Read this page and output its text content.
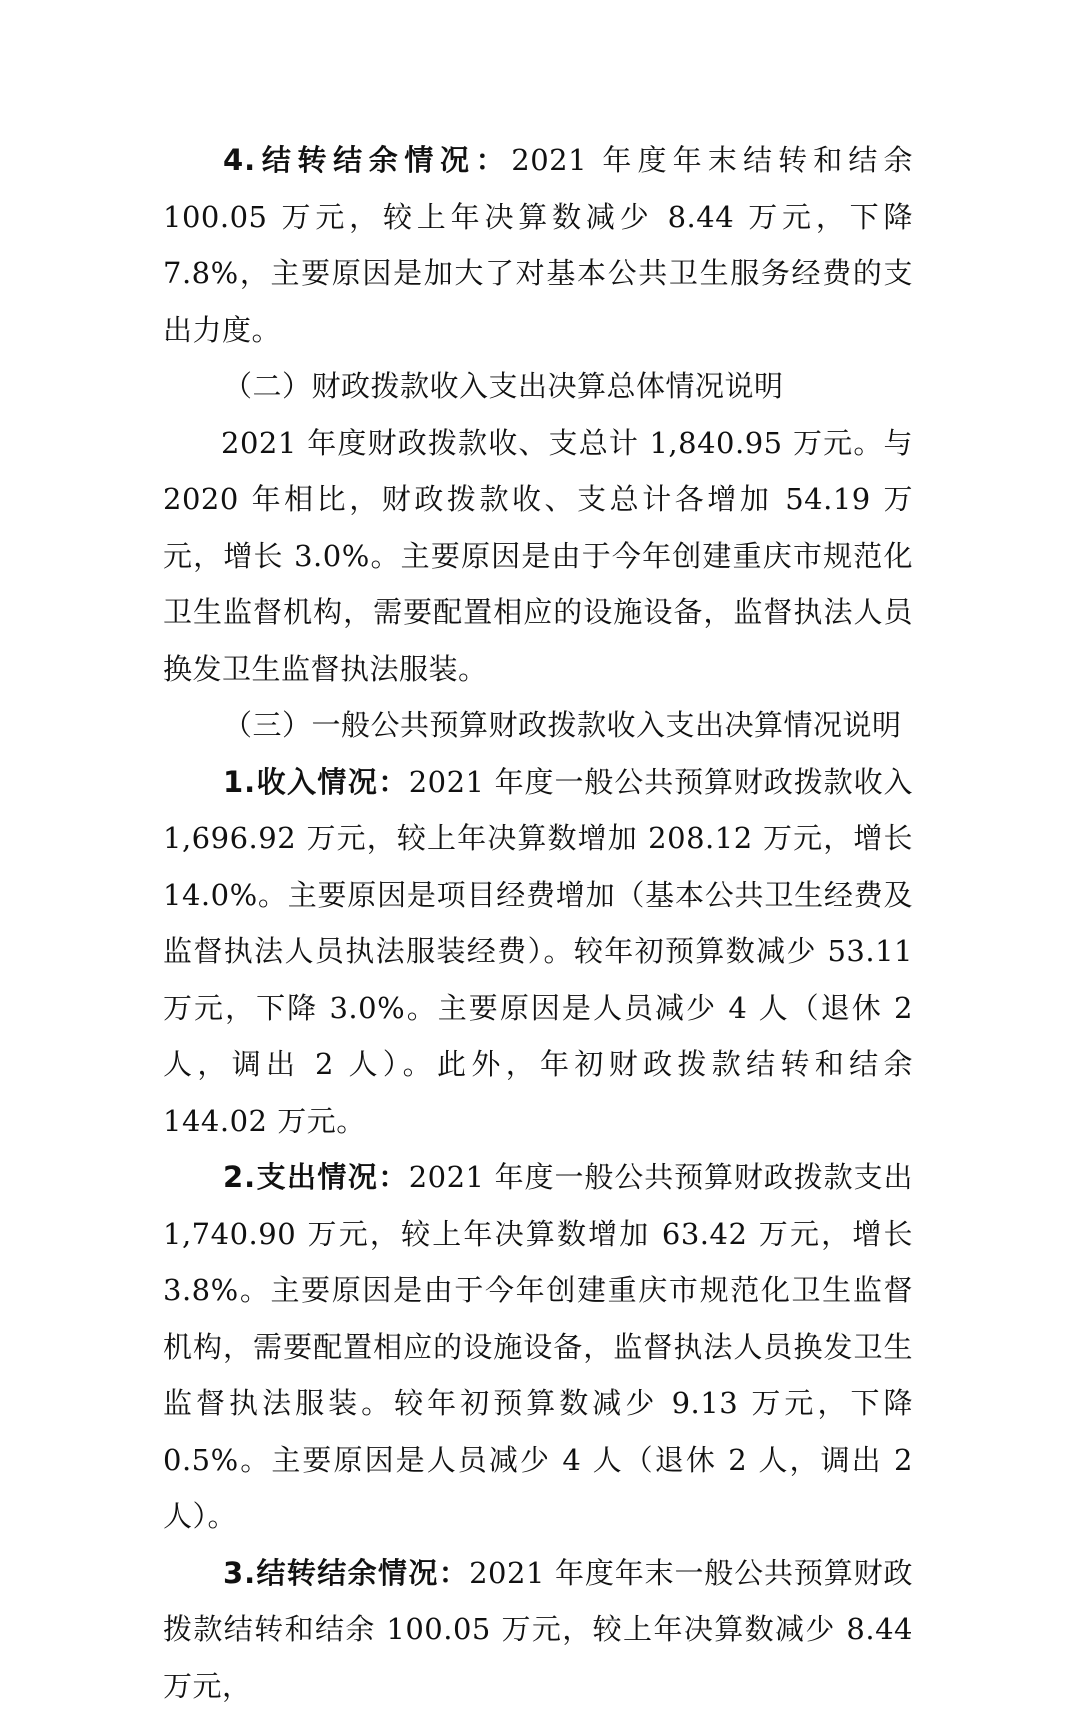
4.结转结余情况：2021 年度年末结转和结余 100.05 万元，较上年决算数减少 8.44 万元，下降 7.8%，主要原因是加大了对基本公共卫生服务经费的支出力度。

（二）财政拨款收入支出决算总体情况说明

2021 年度财政拨款收、支总计 1,840.95 万元。与 2020 年相比，财政拨款收、支总计各增加 54.19 万元，增长 3.0%。主要原因是由于今年创建重庆市规范化卫生监督机构，需要配置相应的设施设备，监督执法人员换发卫生监督执法服装。

（三）一般公共预算财政拨款收入支出决算情况说明

1.收入情况：2021 年度一般公共预算财政拨款收入 1,696.92 万元，较上年决算数增加 208.12 万元，增长 14.0%。主要原因是项目经费增加（基本公共卫生经费及监督执法人员执法服装经费）。较年初预算数减少 53.11 万元，下降 3.0%。主要原因是人员减少 4 人（退休 2 人，调出 2 人）。此外，年初财政拨款结转和结余 144.02 万元。

2.支出情况：2021 年度一般公共预算财政拨款支出 1,740.90 万元，较上年决算数增加 63.42 万元，增长 3.8%。主要原因是由于今年创建重庆市规范化卫生监督机构，需要配置相应的设施设备，监督执法人员换发卫生监督执法服装。较年初预算数减少 9.13 万元，下降 0.5%。主要原因是人员减少 4 人（退休 2 人，调出 2 人）。

3.结转结余情况：2021 年度年末一般公共预算财政拨款结转和结余 100.05 万元，较上年决算数减少 8.44 万元，
